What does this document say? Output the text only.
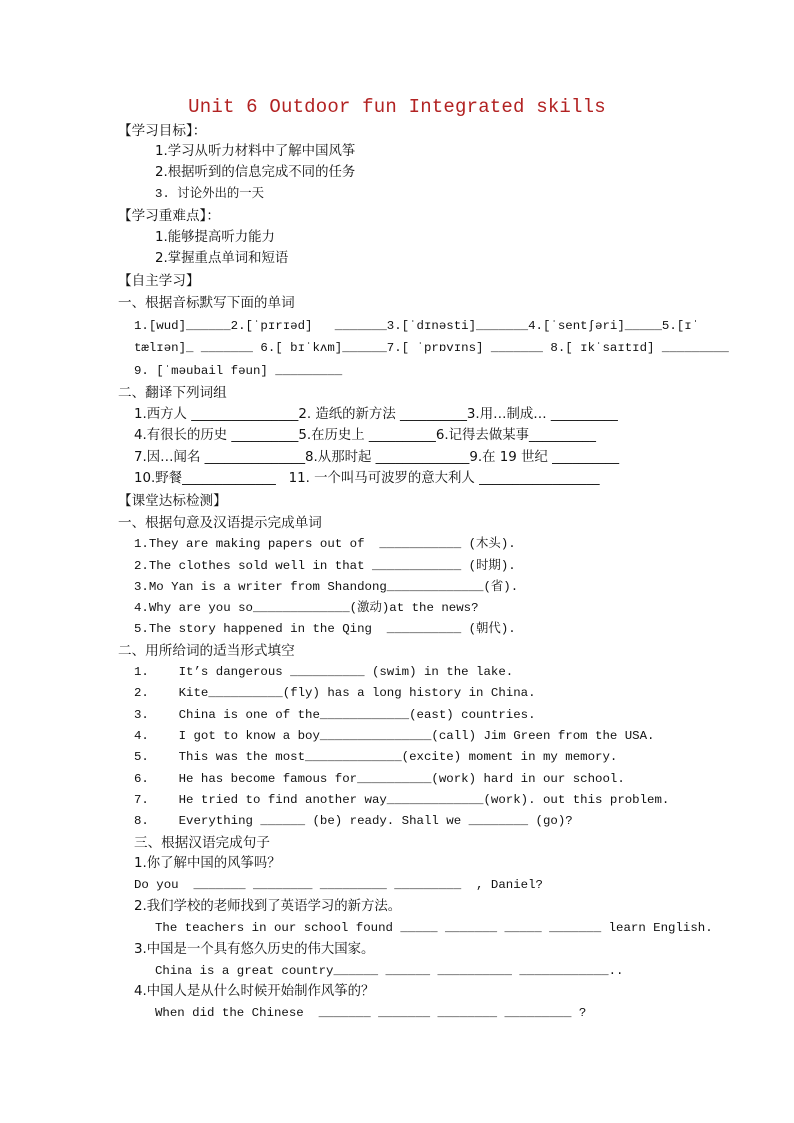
Unit 6 Outdoor fun Integrated skills
【学习目标】：
1.学习从听力材料中了解中国风筝
2.根据听到的信息完成不同的任务
3. 讨论外出的一天
【学习重难点】：
1.能够提高听力能力
2.掌握重点单词和短语
【自主学习】
一、根据音标默写下面的单词
1.[wud]______2.[ˈpɪrɪəd]   _______3.[ˈdɪnəsti]_______4.[ˈsentʃəri]_____5.[ɪˈ
tælɪən]_ _______ 6.[ bɪˈkʌm]______7.[ ˈprɒvɪns] _______ 8.[ ɪkˈsaɪtɪd] _________
9. [ˈməubail fəun] _________
二、翻译下列词组
1.西方人 ________________2. 造纸的新方法 __________3.用…制成… __________
4.有很长的历史 __________5.在历史上 __________6.记得去做某事__________
7.因…闻名 _______________8.从那时起 ______________9.在 19 世纪 __________
10.野餐______________   11. 一个叫马可波罗的意大利人 __________________
【课堂达标检测】
一、根据句意及汉语提示完成单词
1.They are making papers out of  ___________ (木头).
2.The clothes sold well in that ____________ (时期).
3.Mo Yan is a writer from Shandong_____________(省).
4.Why are you so_____________(激动)at the news?
5.The story happened in the Qing  __________ (朝代).
二、用所给词的适当形式填空
1.    It’s dangerous __________ (swim) in the lake.
2.    Kite__________(fly) has a long history in China.
3.    China is one of the____________(east) countries.
4.    I got to know a boy_______________(call) Jim Green from the USA.
5.    This was the most_____________(excite) moment in my memory.
6.    He has become famous for__________(work) hard in our school.
7.    He tried to find another way_____________(work). out this problem.
8.    Everything ______ (be) ready. Shall we ________ (go)?
三、根据汉语完成句子
1.你了解中国的风筝吗？
Do you  _______ ________ _________ _________  , Daniel?
2.我们学校的老师找到了英语学习的新方法。
The teachers in our school found _____ _______ _____ _______ learn English.
3.中国是一个具有悠久历史的伟大国家。
China is a great country______ ______ __________ ____________..
4.中国人是从什么时候开始制作风筝的？
When did the Chinese  _______ _______ ________ _________ ?
